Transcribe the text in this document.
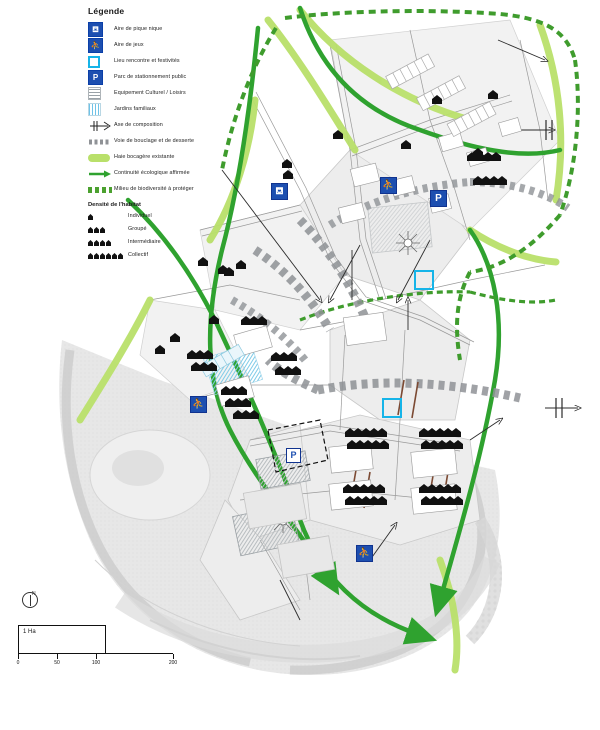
⛾
⛹
P
⛹
P
⛹
Légende
⛾	Aire de pique nique
⛹	Aire de jeux
Lieu rencontre et festivités
P	Parc de stationnement public
Equipement Culturel / Loisirs
Jardins familiaux
Axe de composition
Voie de bouclage et de desserte
Haie bocagère existante
Continuité écologique affirmée
Milieu de biodiversité à protéger
Densité de l'habitat
Individuel
Groupé
Intermédiaire
Collectif
N
1 Ha
0	50	100	200
